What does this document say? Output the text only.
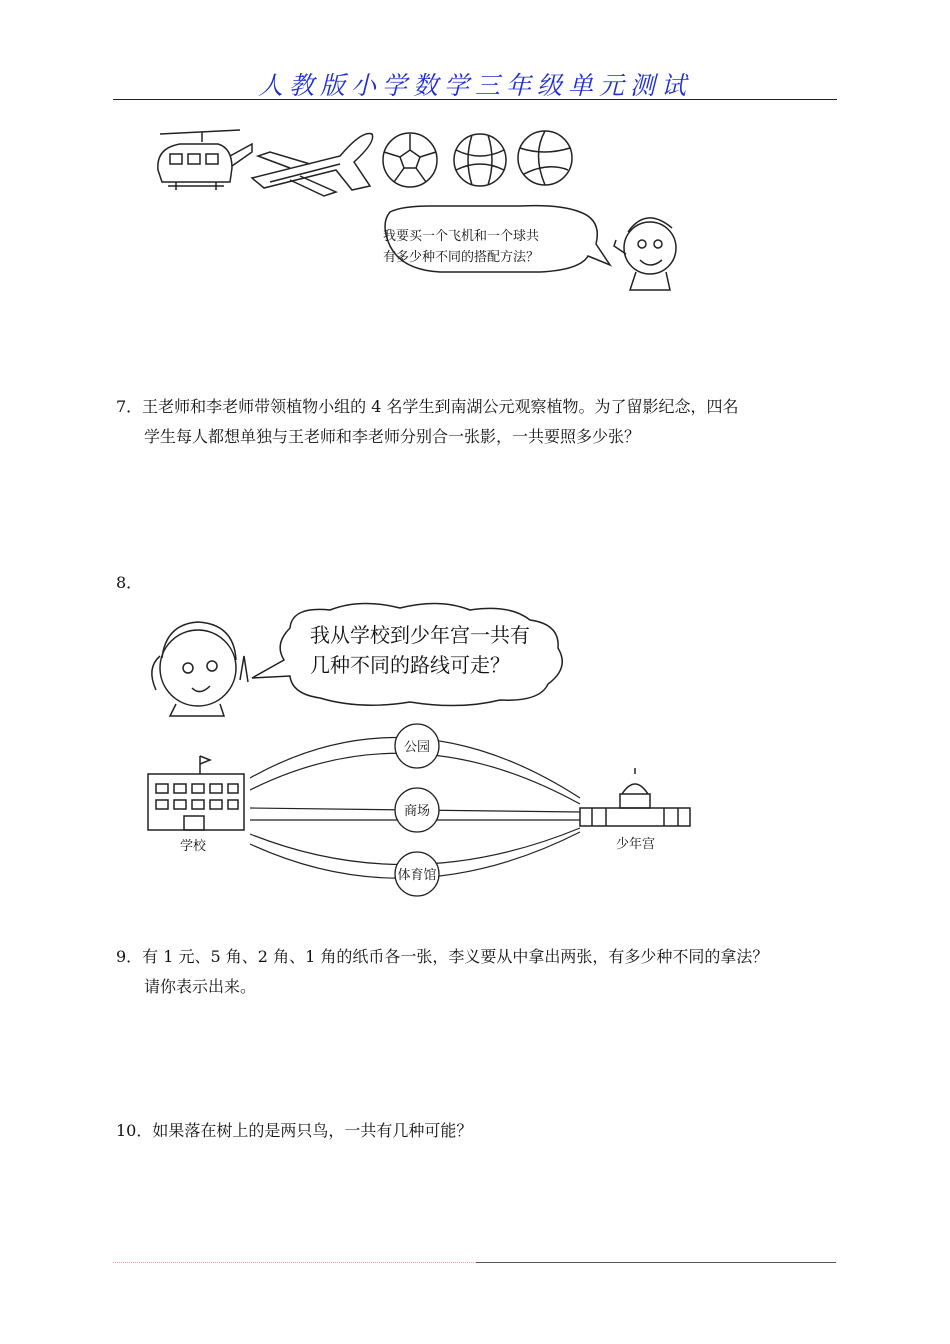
人教版小学数学三年级单元测试
我要买一个飞机和一个球共
有多少种不同的搭配方法？
7．王老师和李老师带领植物小组的 4 名学生到南湖公元观察植物。为了留影纪念，四名
学生每人都想单独与王老师和李老师分别合一张影，一共要照多少张？
8．
我从学校到少年宫一共有
几种不同的路线可走？
公园
商场
体育馆
学校	少年宫
9．有 1 元、5 角、2 角、1 角的纸币各一张，李义要从中拿出两张，有多少种不同的拿法？
请你表示出来。
10．如果落在树上的是两只鸟，一共有几种可能？
